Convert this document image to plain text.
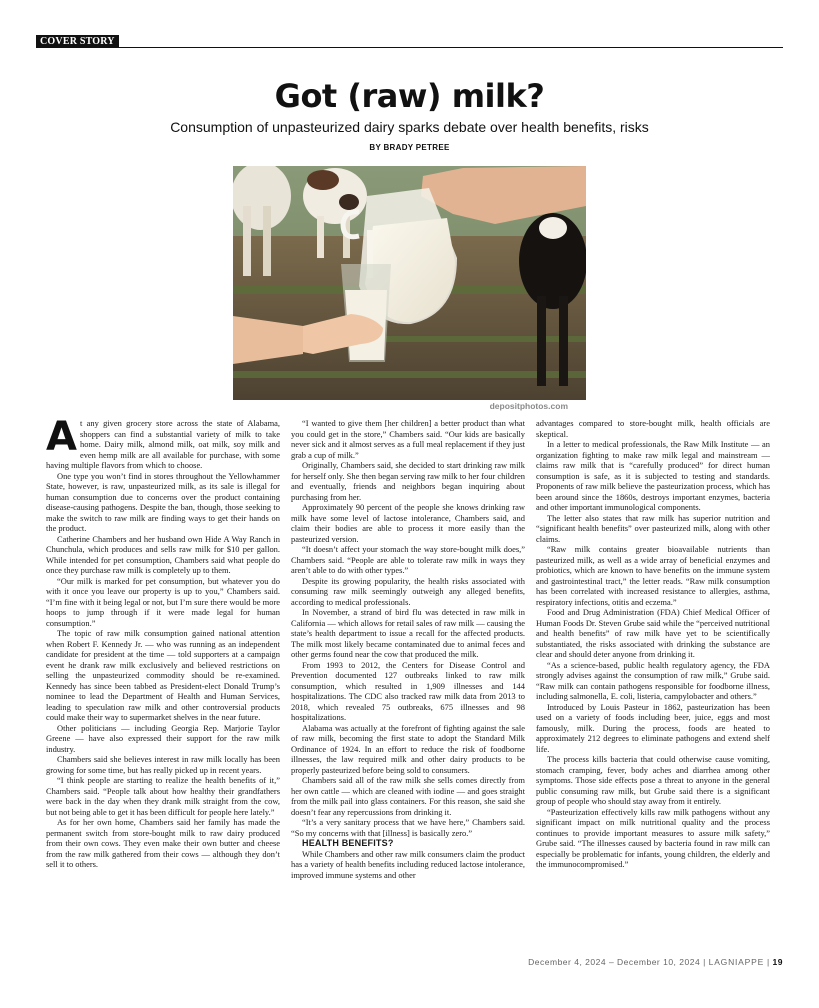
COVER STORY
Got (raw) milk?
Consumption of unpasteurized dairy sparks debate over health benefits, risks
BY BRADY PETREE
depositphotos.com

At any given grocery store across the state of Alabama, shoppers can find a substantial variety of milk to take home. Dairy milk, almond milk, oat milk, soy milk and even hemp milk are all available for purchase, with some having multiple flavors from which to choose.

One type you won’t find in stores throughout the Yellowhammer State, however, is raw, unpasteurized milk, as its sale is illegal for human consumption due to concerns over the product containing disease-causing pathogens. Despite the ban, though, those seeking to make the switch to raw milk are finding ways to get their hands on the product.

Catherine Chambers and her husband own Hide A Way Ranch in Chunchula, which produces and sells raw milk for $10 per gallon. While intended for pet consumption, Chambers said what people do once they purchase raw milk is completely up to them.

“Our milk is marked for pet consumption, but whatever you do with it once you leave our property is up to you,” Chambers said. “I’m fine with it being legal or not, but I’m sure there would be more hoops to jump through if it were made legal for human consumption.”

The topic of raw milk consumption gained national attention when Robert F. Kennedy Jr. — who was running as an independent candidate for president at the time — told supporters at a campaign event he drank raw milk exclusively and believed restrictions on selling the unpasteurized commodity should be re-examined. Kennedy has since been tabbed as President-elect Donald Trump’s nominee to lead the Department of Health and Human Services, leading to speculation raw milk and other controversial products could make their way to supermarket shelves in the near future.

Other politicians — including Georgia Rep. Marjorie Taylor Greene — have also expressed their support for the raw milk industry.

Chambers said she believes interest in raw milk locally has been growing for some time, but has really picked up in recent years.

“I think people are starting to realize the health benefits of it,” Chambers said. “People talk about how healthy their grandfathers were back in the day when they drank milk straight from the cow, but not being able to get it has been difficult for people here lately.”

As for her own home, Chambers said her family has made the permanent switch from store-bought milk to raw dairy produced from their own cows. They even make their own butter and cheese from the raw milk gathered from their cows — although they don’t sell it to others.

“I wanted to give them [her children] a better product than what you could get in the store,” Chambers said. “Our kids are basically never sick and it almost serves as a full meal replacement if they just grab a cup of milk.”

Originally, Chambers said, she decided to start drinking raw milk for herself only. She then began serving raw milk to her four children and eventually, friends and neighbors began inquiring about purchasing from her.

Approximately 90 percent of the people she knows drinking raw milk have some level of lactose intolerance, Chambers said, and claim their bodies are able to process it more easily than the pasteurized version.

“It doesn’t affect your stomach the way store-bought milk does,” Chambers said. “People are able to tolerate raw milk in ways they aren’t able to do with other types.”

Despite its growing popularity, the health risks associated with consuming raw milk seemingly outweigh any alleged benefits, according to medical professionals.

In November, a strand of bird flu was detected in raw milk in California — which allows for retail sales of raw milk — causing the state’s health department to issue a recall for the affected products. The milk most likely became contaminated due to animal feces and other germs found near the cow that produced the milk.

From 1993 to 2012, the Centers for Disease Control and Prevention documented 127 outbreaks linked to raw milk consumption, which resulted in 1,909 illnesses and 144 hospitalizations. The CDC also tracked raw milk data from 2013 to 2018, which revealed 75 outbreaks, 675 illnesses and 98 hospitalizations.

Alabama was actually at the forefront of fighting against the sale of raw milk, becoming the first state to adopt the Standard Milk Ordinance of 1924. In an effort to reduce the risk of foodborne illnesses, the law required milk and other dairy products to be properly pasteurized before being sold to consumers.

Chambers said all of the raw milk she sells comes directly from her own cattle — which are cleaned with iodine — and goes straight from the milk pail into glass containers. For this reason, she said she doesn’t fear any repercussions from drinking it.

“It’s a very sanitary process that we have here,” Chambers said. “So my concerns with that [illness] is basically zero.”

HEALTH BENEFITS?

While Chambers and other raw milk consumers claim the product has a variety of health benefits including reduced lactose intolerance, improved immune systems and other

advantages compared to store-bought milk, health officials are skeptical.

In a letter to medical professionals, the Raw Milk Institute — an organization fighting to make raw milk legal and mainstream — claims raw milk that is “carefully produced” for direct human consumption is safe, as it is subjected to testing and standards. Proponents of raw milk believe the pasteurization process, which has been around since the 1860s, destroys important enzymes, bacteria and other important immunological components.

The letter also states that raw milk has superior nutrition and “significant health benefits” over pasteurized milk, along with other claims.

“Raw milk contains greater bioavailable nutrients than pasteurized milk, as well as a wide array of beneficial enzymes and probiotics, which are known to have benefits on the immune system and gastrointestinal tract,” the letter reads. “Raw milk consumption has been correlated with increased resistance to allergies, asthma, respiratory infections, otitis and eczema.”

Food and Drug Administration (FDA) Chief Medical Officer of Human Foods Dr. Steven Grube said while the “perceived nutritional and health benefits” of raw milk have yet to be scientifically substantiated, the risks associated with drinking the substance are clear and should deter anyone from drinking it.

“As a science-based, public health regulatory agency, the FDA strongly advises against the consumption of raw milk,” Grube said. “Raw milk can contain pathogens responsible for foodborne illness, including salmonella, E. coli, listeria, campylobacter and others.”

Introduced by Louis Pasteur in 1862, pasteurization has been used on a variety of foods including beer, juice, eggs and most famously, milk. During the process, foods are heated to approximately 212 degrees to eliminate pathogens and extend shelf life.

The process kills bacteria that could otherwise cause vomiting, stomach cramping, fever, body aches and diarrhea among other symptoms. Those side effects pose a threat to anyone in the general public consuming raw milk, but Grube said there is a significant group of people who should stay away from it entirely.

“Pasteurization effectively kills raw milk pathogens without any significant impact on milk nutritional quality and the process continues to provide important measures to assure milk safety,” Grube said. “The illnesses caused by bacteria found in raw milk can especially be problematic for infants, young children, the elderly and the immunocompromised.”

December 4, 2024 – December 10, 2024 | LAGNIAPPE | 19
